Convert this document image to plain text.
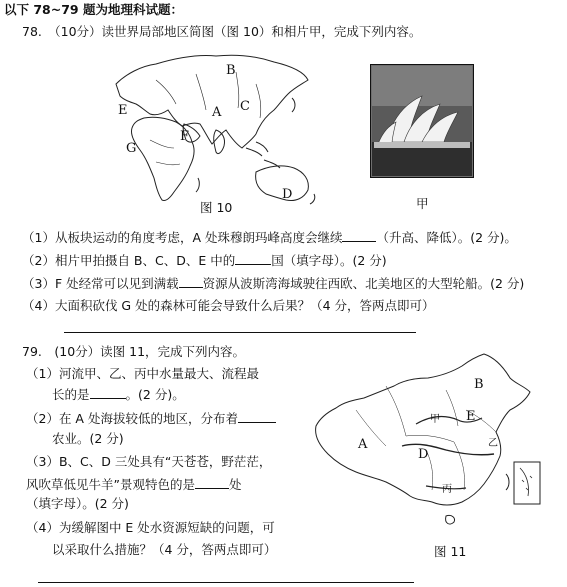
以下 78~79 题为地理科试题：
78.　（10分）读世界局部地区简图（图 10）和相片甲，完成下列内容。
B
A C
E
F
G
D
图 10	甲
（1）从板块运动的角度考虑，A 处珠穆朗玛峰高度会继续	（升高、降低）。(2 分)。
（2）相片甲拍摄自 B、C、D、E 中的	国（填字母）。(2 分)
（3）F 处经常可以见到满载 资源从波斯湾海域驶往西欧、北美地区的大型轮船。(2 分)
（4）大面积砍伐 G 处的森林可能会导致什么后果？（4 分，答两点即可）
79.　(10分）读图 11，完成下列内容。
（1）河流甲、乙、丙中水量最大、流程最
长的是	。(2 分)。
（2）在 A 处海拔较低的地区，分布着
农业。(2 分)
（3）B、C、D 三处具有“天苍苍，野茫茫，
风吹草低见牛羊”景观特色的是	处
（填字母）。(2 分)
（4）为缓解图中 E 处水资源短缺的问题，可
以采取什么措施？（4 分，答两点即可）
B
A
D
E
甲
乙
丙
图 11
